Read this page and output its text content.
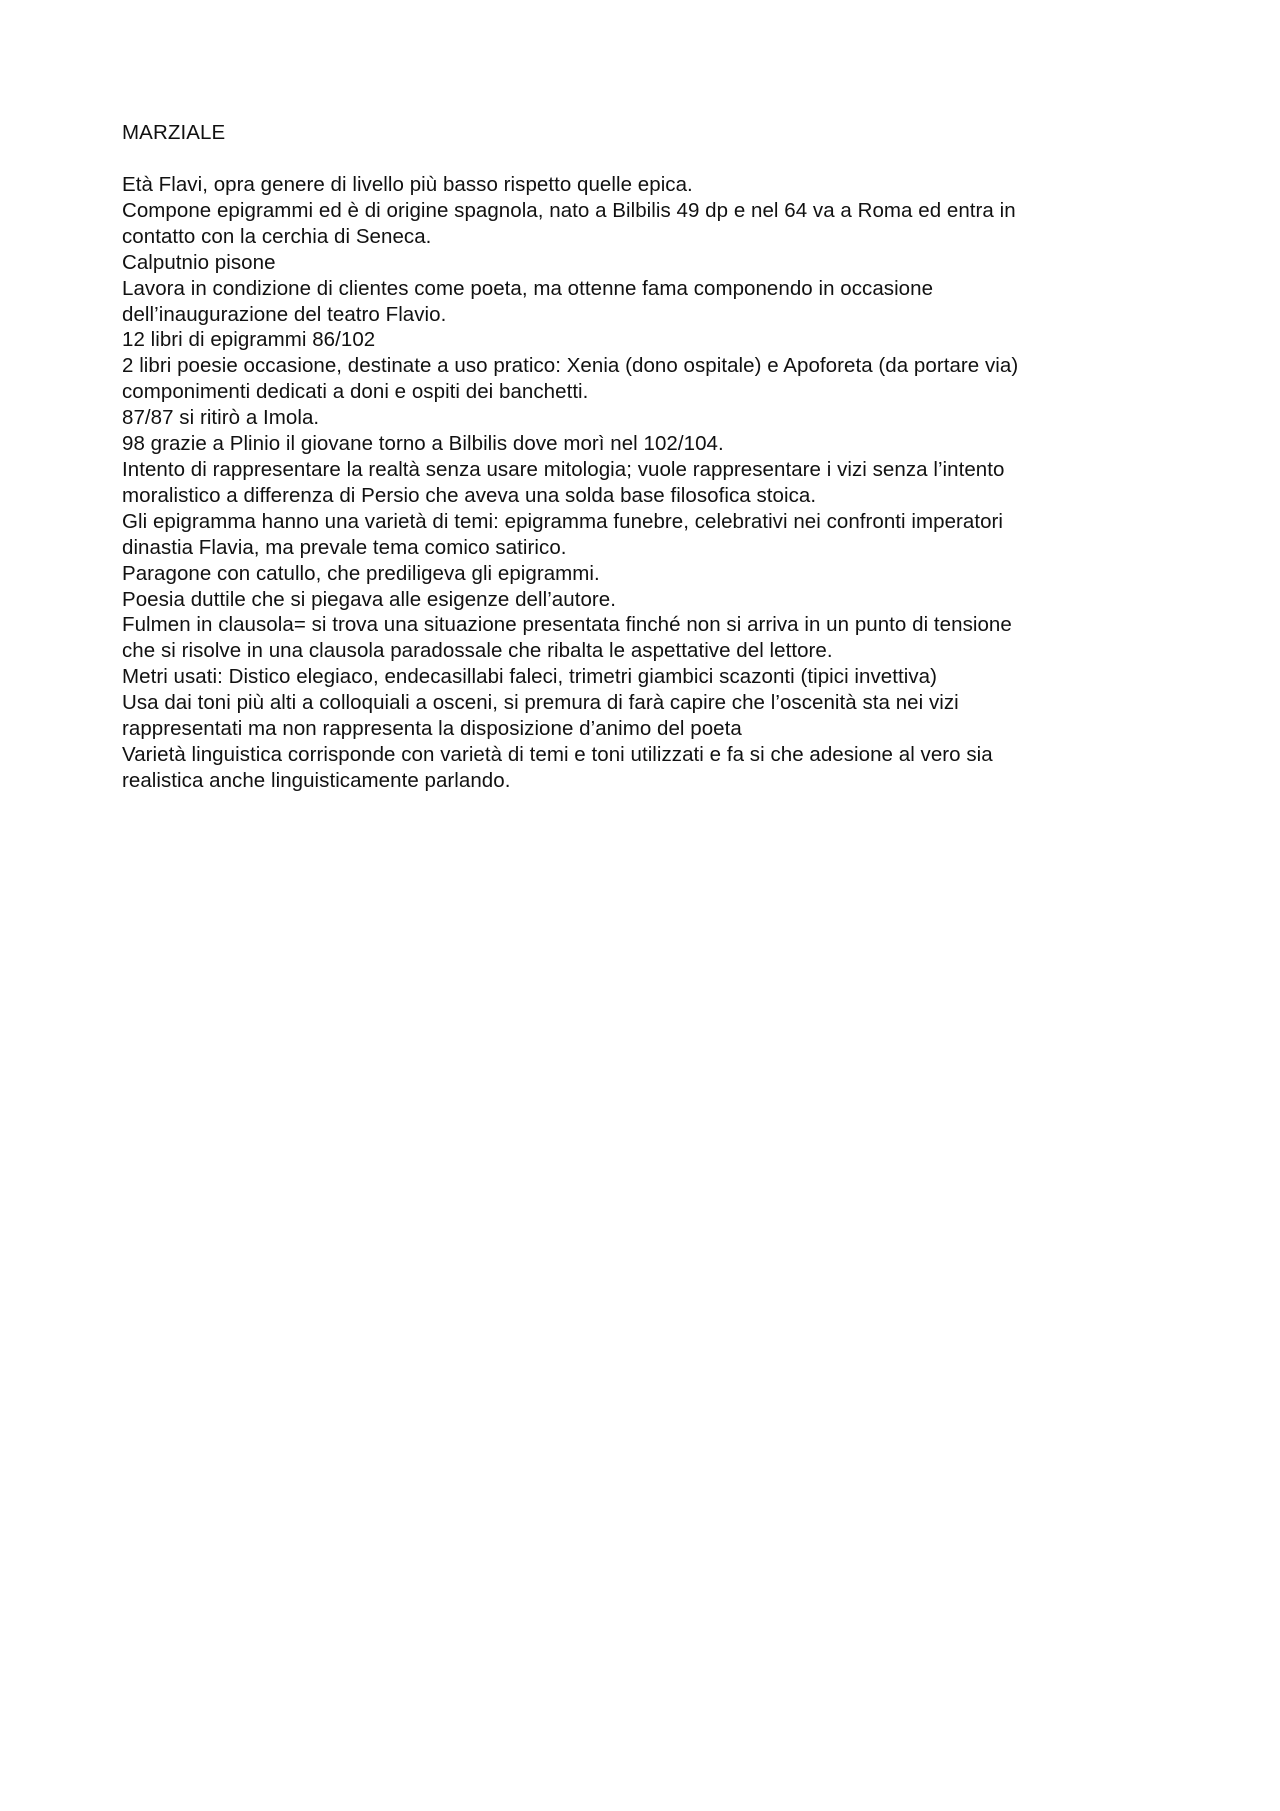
MARZIALE

Età Flavi, opra genere di livello più basso rispetto quelle epica.

Compone epigrammi ed è di origine spagnola, nato a Bilbilis 49 dp e nel 64 va a Roma ed entra in

contatto con la cerchia di Seneca.

Calputnio pisone

Lavora in condizione di clientes come poeta, ma ottenne fama componendo in occasione

dell’inaugurazione del teatro Flavio.

12 libri di epigrammi 86/102

2 libri poesie occasione, destinate a uso pratico: Xenia (dono ospitale) e Apoforeta (da portare via)

componimenti dedicati a doni e ospiti dei banchetti.

87/87 si ritirò a Imola.

98 grazie a Plinio il giovane torno a Bilbilis dove morì nel 102/104.

Intento di rappresentare la realtà senza usare mitologia; vuole rappresentare i vizi senza l’intento

moralistico a differenza di Persio che aveva una solda base filosofica stoica.

Gli epigramma hanno una varietà di temi: epigramma funebre, celebrativi nei confronti imperatori

dinastia Flavia, ma prevale tema comico satirico.

Paragone con catullo, che prediligeva gli epigrammi.

Poesia duttile che si piegava alle esigenze dell’autore.

Fulmen in clausola= si trova una situazione presentata finché non si arriva in un punto di tensione

che si risolve in una clausola paradossale che ribalta le aspettative del lettore.

Metri usati: Distico elegiaco, endecasillabi faleci, trimetri giambici scazonti (tipici invettiva)

Usa dai toni più alti a colloquiali a osceni, si premura di farà capire che l’oscenità sta nei vizi

rappresentati ma non rappresenta la disposizione d’animo del poeta

Varietà linguistica corrisponde con varietà di temi e toni utilizzati e fa si che adesione al vero sia

realistica anche linguisticamente parlando.
